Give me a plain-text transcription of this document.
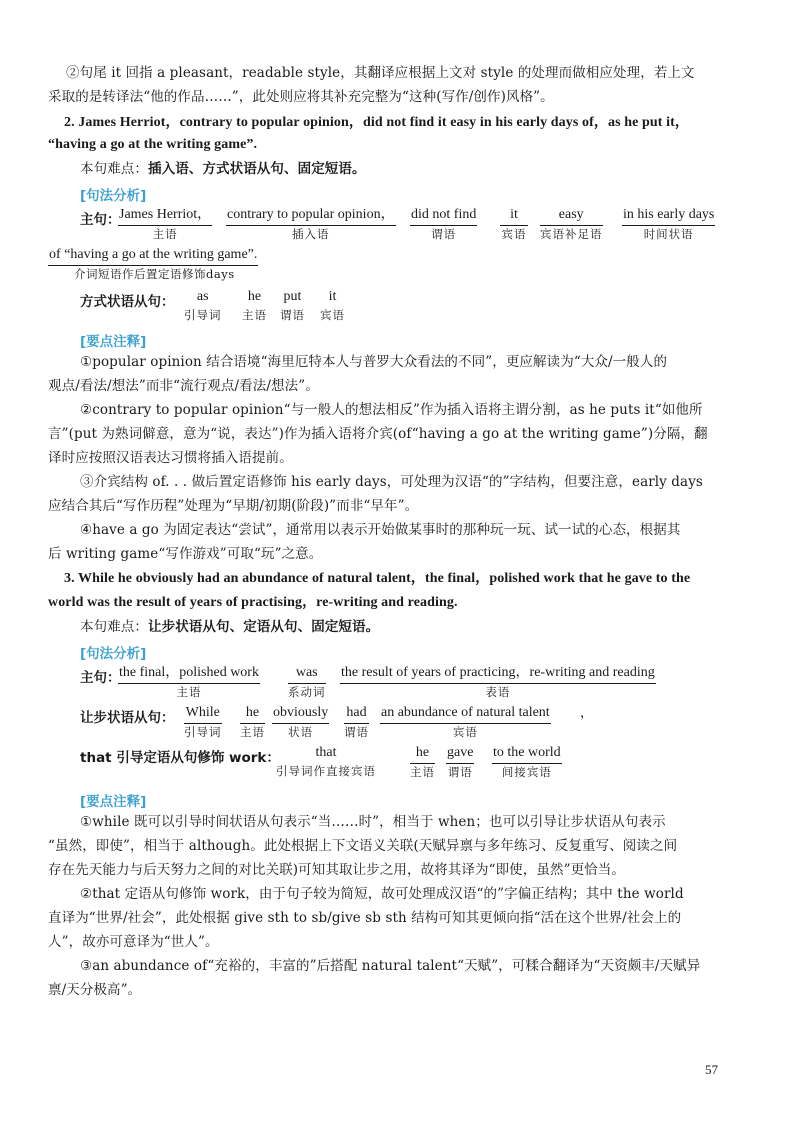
②句尾 it 回指 a pleasant，readable style，其翻译应根据上文对 style 的处理而做相应处理，若上文
采取的是转译法“他的作品……”，此处则应将其补充完整为“这种(写作/创作)风格”。
2. James Herriot，contrary to popular opinion，did not find it easy in his early days of，as he put it，
“having a go at the writing game”.
本句难点：插入语、方式状语从句、固定短语。
[句法分析]
主句：
James Herriot，
主语
contrary to popular opinion，
插入语
did not find
谓语
it
宾语
easy
宾语补足语
in his early days
时间状语
of “having a go at the writing game”.
介词短语作后置定语修饰days
方式状语从句：	as
引导词
he
主语
put
谓语
it
宾语
[要点注释]
①popular opinion 结合语境“海里厄特本人与普罗大众看法的不同”，更应解读为“大众/一般人的
观点/看法/想法”而非“流行观点/看法/想法”。
②contrary to popular opinion“与一般人的想法相反”作为插入语将主谓分割，as he puts it“如他所
言”(put 为熟词僻意，意为“说，表达”)作为插入语将介宾(of“having a go at the writing game”)分隔，翻
译时应按照汉语表达习惯将插入语提前。
③介宾结构 of. . . 做后置定语修饰 his early days，可处理为汉语“的”字结构，但要注意，early days
应结合其后“写作历程”处理为“早期/初期(阶段)”而非“早年”。
④have a go 为固定表达“尝试”，通常用以表示开始做某事时的那种玩一玩、试一试的心态，根据其
后 writing game“写作游戏”可取“玩”之意。
3. While he obviously had an abundance of natural talent，the final，polished work that he gave to the
world was the result of years of practising，re-writing and reading.
本句难点：让步状语从句、定语从句、固定短语。
[句法分析]
主句：
the final，polished work
主语
was
系动词
the result of years of practicing，re-writing and reading
表语
让步状语从句： While
引导词
he
主语
obviously
状语
had
谓语
an abundance of natural talent
宾语
，
that 引导定语从句修饰 work：	that
引导词作直接宾语
he
主语
gave
谓语
to the world
间接宾语
[要点注释]
①while 既可以引导时间状语从句表示“当……时”，相当于 when；也可以引导让步状语从句表示
“虽然，即使”，相当于 although。此处根据上下文语义关联(天赋异禀与多年练习、反复重写、阅读之间
存在先天能力与后天努力之间的对比关联)可知其取让步之用，故将其译为“即使，虽然”更恰当。
②that 定语从句修饰 work，由于句子较为简短，故可处理成汉语“的”字偏正结构；其中 the world
直译为“世界/社会”，此处根据 give sth to sb/give sb sth 结构可知其更倾向指“活在这个世界/社会上的
人”，故亦可意译为“世人”。
③an abundance of“充裕的，丰富的”后搭配 natural talent“天赋”，可糅合翻译为“天资颇丰/天赋异
禀/天分极高”。
57
